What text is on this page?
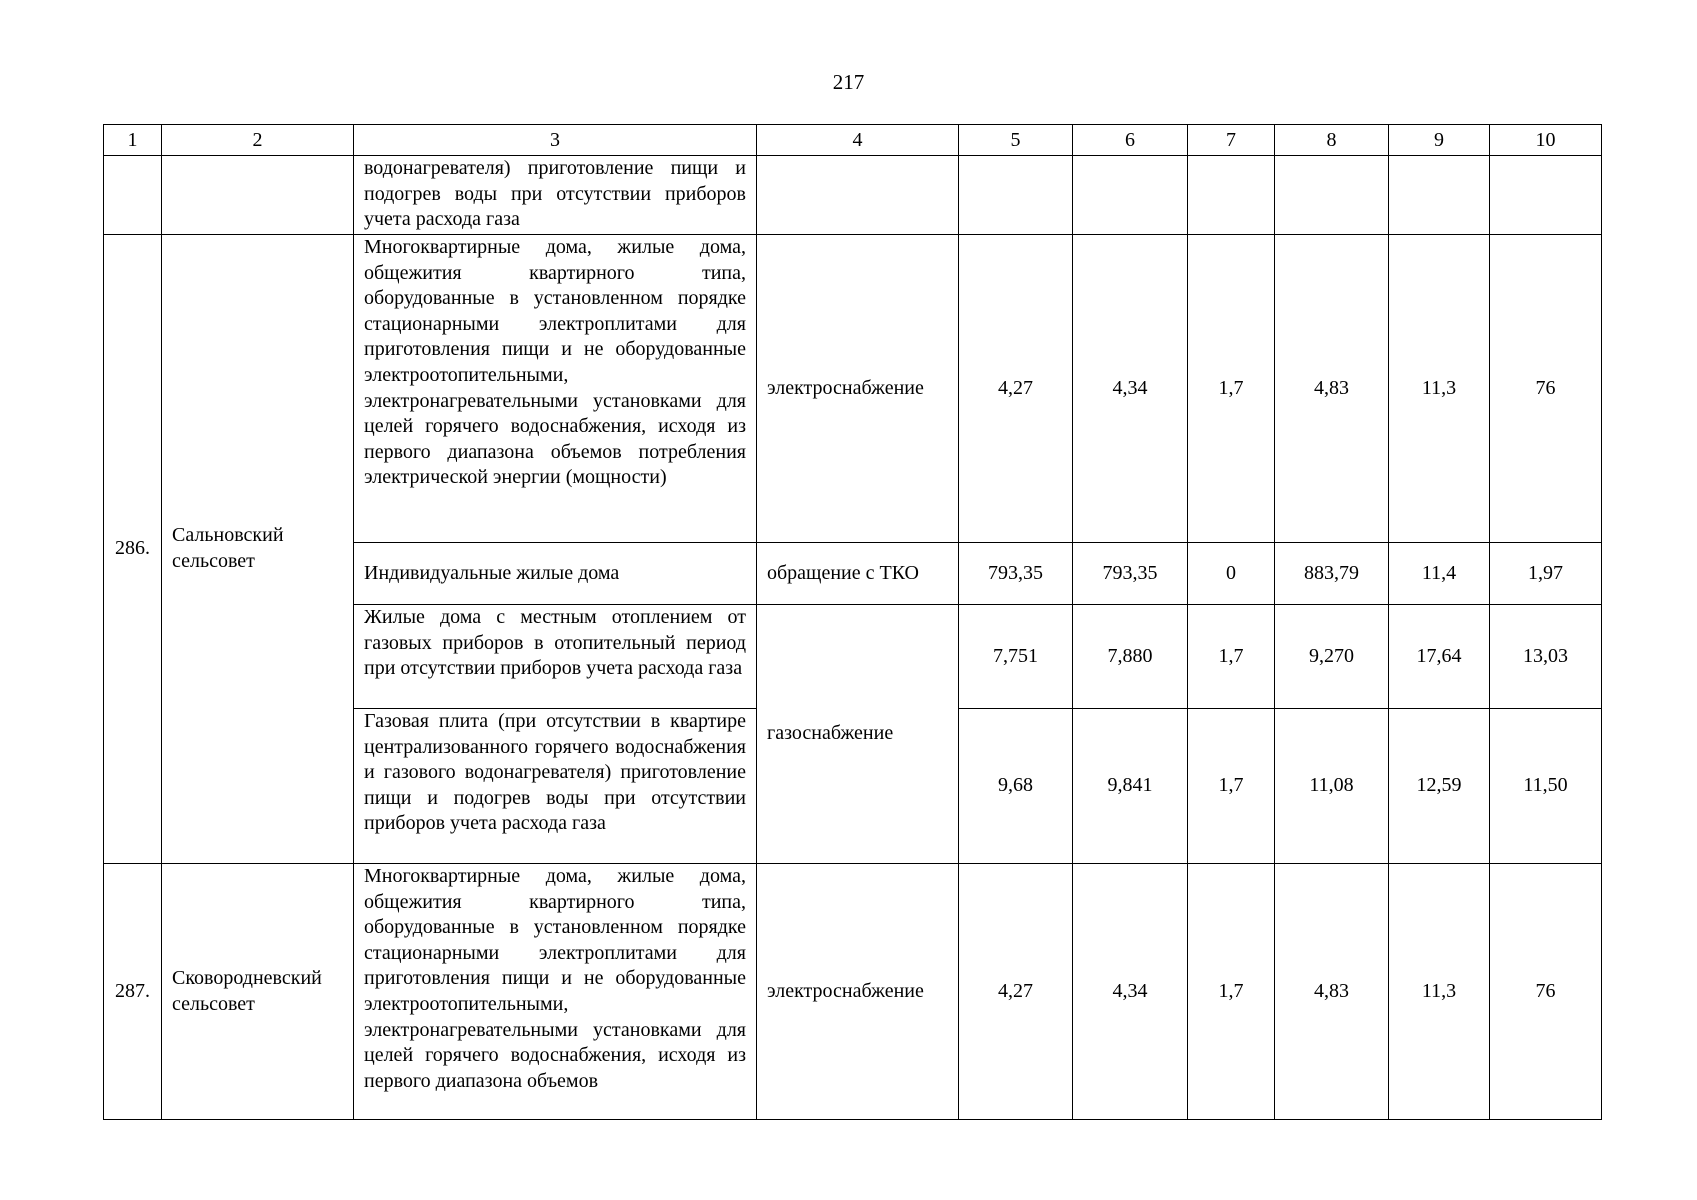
217
1	2	3	4	5	6	7	8	9	10
		водонагревателя) приготовление пищи и подогрев воды при отсутствии приборов учета расхода газа							
286.	Сальновский сельсовет	Многоквартирные дома, жилые дома, общежития квартирного типа, оборудованные в установленном порядке стационарными электроплитами для приготовления пищи и не оборудованные электроотопительными, электронагревательными установками для целей горячего водоснабжения, исходя из первого диапазона объемов потребления электрической энергии (мощности)	электроснабжение	4,27	4,34	1,7	4,83	11,3	76
		Индивидуальные жилые дома	обращение с ТКО	793,35	793,35	0	883,79	11,4	1,97
		Жилые дома с местным отоплением от газовых приборов в отопительный период при отсутствии приборов учета расхода газа	газоснабжение	7,751	7,880	1,7	9,270	17,64	13,03
		Газовая плита (при отсутствии в квартире централизованного горячего водоснабжения и газового водонагревателя) приготовление пищи и подогрев воды при отсутствии приборов учета расхода газа		9,68	9,841	1,7	11,08	12,59	11,50
287.	Сковородневский сельсовет	Многоквартирные дома, жилые дома, общежития квартирного типа, оборудованные в установленном порядке стационарными электроплитами для приготовления пищи и не оборудованные электроотопительными, электронагревательными установками для целей горячего водоснабжения, исходя из первого диапазона объемов	электроснабжение	4,27	4,34	1,7	4,83	11,3	76
